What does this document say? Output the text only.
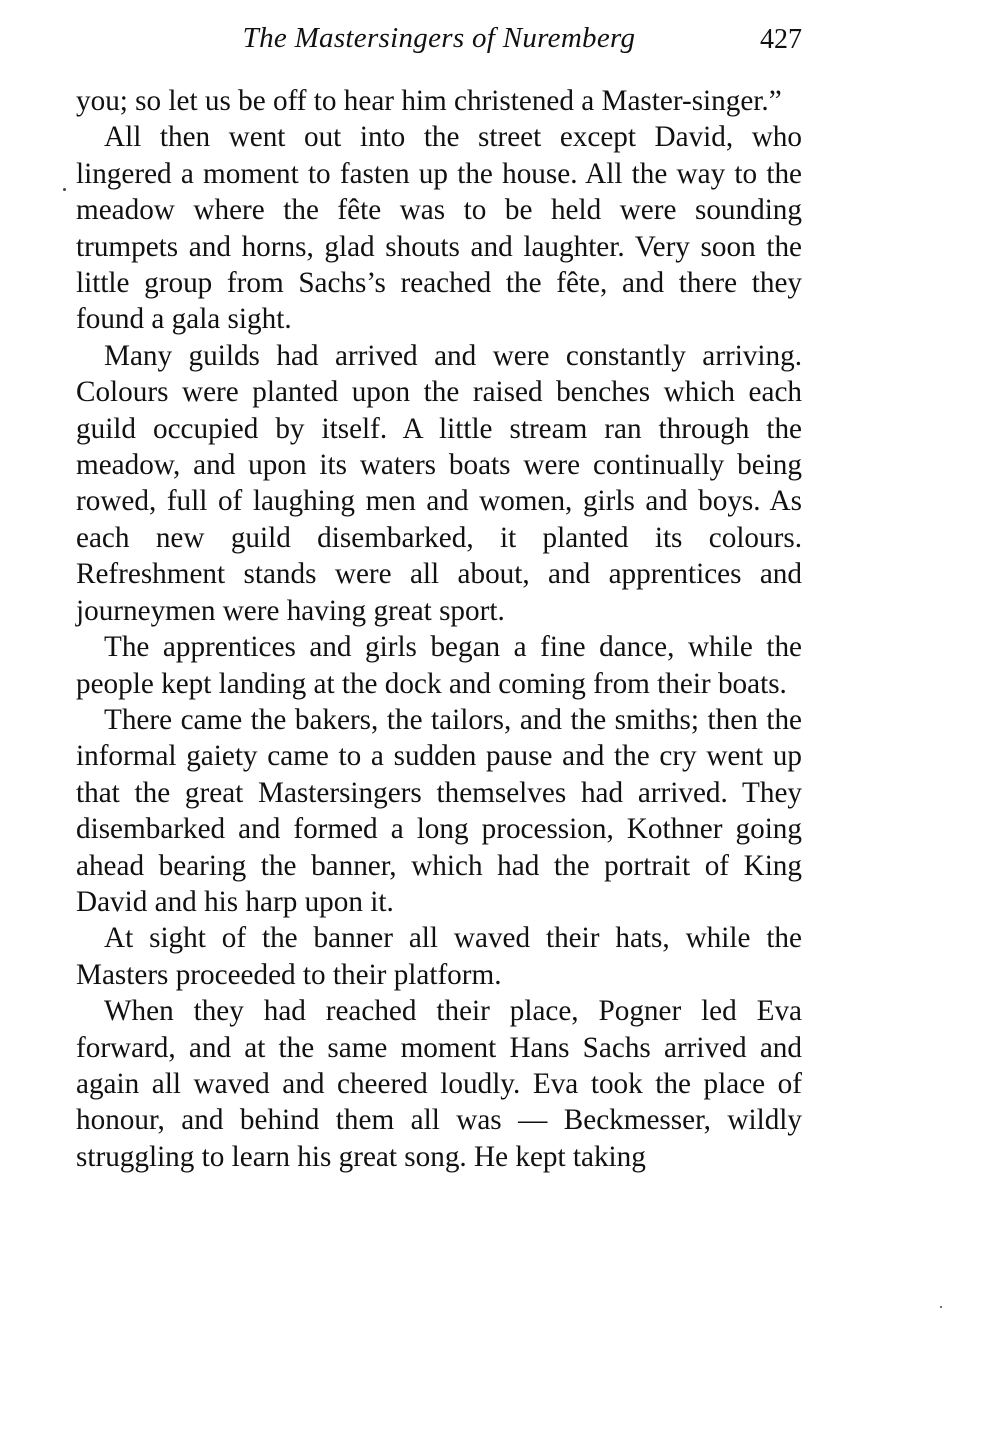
The Mastersingers of Nuremberg	427

you; so let us be off to hear him christened a Master-singer.”

All then went out into the street except David, who lingered a moment to fasten up the house. All the way to the meadow where the fête was to be held were sounding trumpets and horns, glad shouts and laughter. Very soon the little group from Sachs’s reached the fête, and there they found a gala sight.

Many guilds had arrived and were constantly arriving. Colours were planted upon the raised benches which each guild occupied by itself. A little stream ran through the meadow, and upon its waters boats were continually being rowed, full of laughing men and women, girls and boys. As each new guild disembarked, it planted its colours. Refreshment stands were all about, and apprentices and journeymen were having great sport.

The apprentices and girls began a fine dance, while the people kept landing at the dock and coming from their boats.

There came the bakers, the tailors, and the smiths; then the informal gaiety came to a sudden pause and the cry went up that the great Mastersingers themselves had arrived. They disembarked and formed a long procession, Kothner going ahead bearing the banner, which had the portrait of King David and his harp upon it.

At sight of the banner all waved their hats, while the Masters proceeded to their platform.

When they had reached their place, Pogner led Eva forward, and at the same moment Hans Sachs arrived and again all waved and cheered loudly. Eva took the place of honour, and behind them all was — Beckmesser, wildly struggling to learn his great song. He kept taking
